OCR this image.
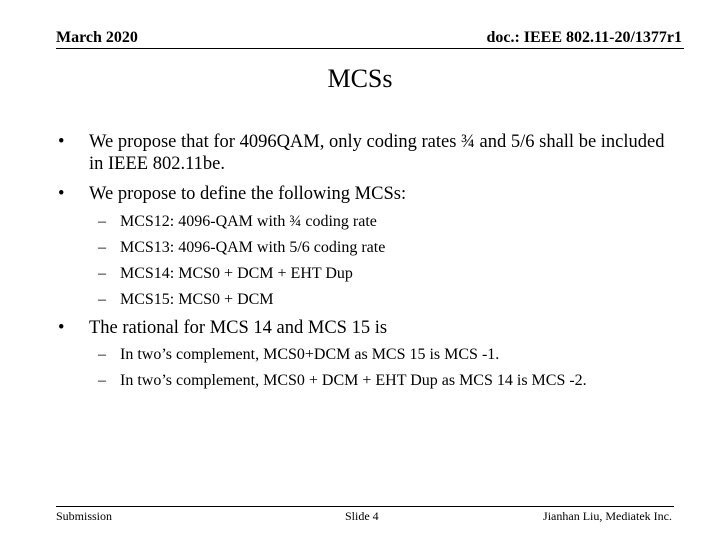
March 2020	doc.: IEEE 802.11-20/1377r1
MCSs
•	We propose that for 4096QAM, only coding rates ¾ and 5/6 shall be included in IEEE 802.11be.
•	We propose to define the following MCSs:
– MCS12: 4096-QAM with ¾ coding rate
– MCS13: 4096-QAM with 5/6 coding rate
– MCS14: MCS0 + DCM + EHT Dup
– MCS15: MCS0 + DCM
•	The rational for MCS 14 and MCS 15 is
– In two’s complement, MCS0+DCM as MCS 15 is MCS -1.
– In two’s complement, MCS0 + DCM + EHT Dup as MCS 14 is MCS -2.
Submission	Slide 4	Jianhan Liu, Mediatek Inc.
